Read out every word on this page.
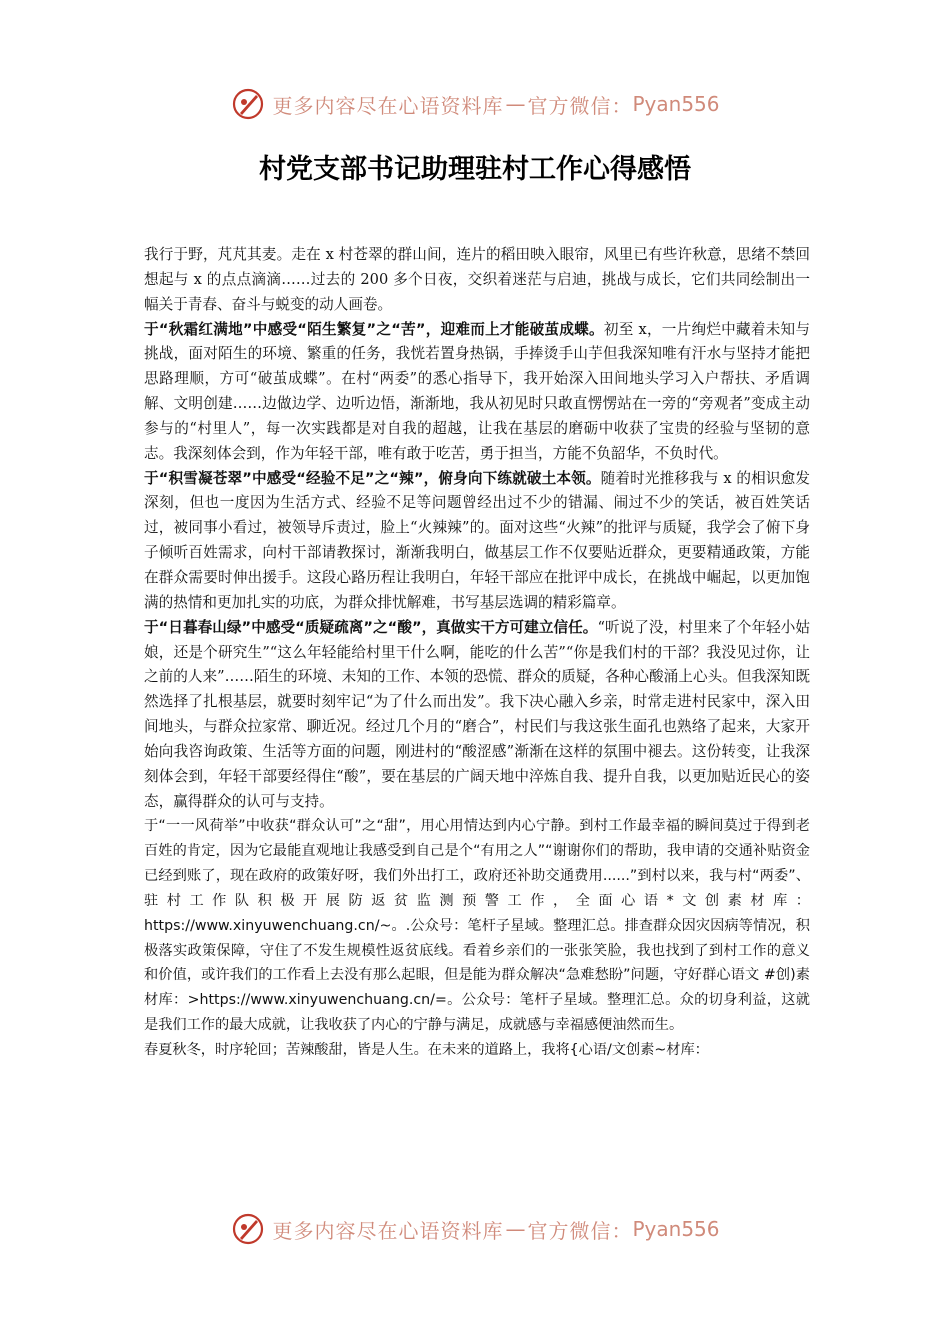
更多内容尽在心语资料库 — 官方微信： Pyan556
村党支部书记助理驻村工作心得感悟

我行于野，芃芃其麦。走在 x 村苍翠的群山间，连片的稻田映入眼帘，风里已有些许秋意，思绪不禁回想起与 x 的点点滴滴……过去的 200 多个日夜，交织着迷茫与启迪，挑战与成长，它们共同绘制出一幅关于青春、奋斗与蜕变的动人画卷。

于“秋霜红满地”中感受“陌生繁复”之“苦”，迎难而上才能破茧成蝶。初至 x，一片绚烂中藏着未知与挑战，面对陌生的环境、繁重的任务，我恍若置身热锅，手捧烫手山芋但我深知唯有汗水与坚持才能把思路理顺，方可“破茧成蝶”。在村“两委”的悉心指导下，我开始深入田间地头学习入户帮扶、矛盾调解、文明创建……边做边学、边听边悟，渐渐地，我从初见时只敢直愣愣站在一旁的“旁观者”变成主动参与的“村里人”，每一次实践都是对自我的超越，让我在基层的磨砺中收获了宝贵的经验与坚韧的意志。我深刻体会到，作为年轻干部，唯有敢于吃苦，勇于担当，方能不负韶华，不负时代。

于“积雪凝苍翠”中感受“经验不足”之“辣”，俯身向下练就破土本领。随着时光推移我与 x 的相识愈发深刻，但也一度因为生活方式、经验不足等问题曾经出过不少的错漏、闹过不少的笑话，被百姓笑话过，被同事小看过，被领导斥责过，脸上“火辣辣”的。面对这些“火辣”的批评与质疑，我学会了俯下身子倾听百姓需求，向村干部请教探讨，渐渐我明白，做基层工作不仅要贴近群众，更要精通政策，方能在群众需要时伸出援手。这段心路历程让我明白，年轻干部应在批评中成长，在挑战中崛起，以更加饱满的热情和更加扎实的功底，为群众排忧解难，书写基层选调的精彩篇章。

于“日暮春山绿”中感受“质疑疏离”之“酸”，真做实干方可建立信任。“听说了没，村里来了个年轻小姑娘，还是个研究生”“这么年轻能给村里干什么啊，能吃的什么苦”“你是我们村的干部？我没见过你，让之前的人来”……陌生的环境、未知的工作、本领的恐慌、群众的质疑，各种心酸涌上心头。但我深知既然选择了扎根基层，就要时刻牢记“为了什么而出发”。我下决心融入乡亲，时常走进村民家中，深入田间地头，与群众拉家常、聊近况。经过几个月的“磨合”，村民们与我这张生面孔也熟络了起来，大家开始向我咨询政策、生活等方面的问题，刚进村的“酸涩感”渐渐在这样的氛围中褪去。这份转变，让我深刻体会到，年轻干部要经得住“酸”，要在基层的广阔天地中淬炼自我、提升自我，以更加贴近民心的姿态，赢得群众的认可与支持。

于“一一风荷举”中收获“群众认可”之“甜”，用心用情达到内心宁静。到村工作最幸福的瞬间莫过于得到老百姓的肯定，因为它最能直观地让我感受到自己是个“有用之人”“谢谢你们的帮助，我申请的交通补贴资金已经到账了，现在政府的政策好呀，我们外出打工，政府还补助交通费用......”到村以来，我与村“两委”、驻村工作队积极开展防返贫监测预警工作，全面心语*文创素材库：https://www.xinyuwenchuang.cn/~。.公众号：笔杆子星域。整理汇总。排查群众因灾因病等情况，积极落实政策保障，守住了不发生规模性返贫底线。看着乡亲们的一张张笑脸，我也找到了到村工作的意义和价值，或许我们的工作看上去没有那么起眼，但是能为群众解决“急难愁盼”问题，守好群心语文 #创)素材库：>https://www.xinyuwenchuang.cn/=。公众号：笔杆子星域。整理汇总。众的切身利益，这就是我们工作的最大成就，让我收获了内心的宁静与满足，成就感与幸福感便油然而生。

春夏秋冬，时序轮回；苦辣酸甜，皆是人生。在未来的道路上，我将{心语/文创素~材库：

更多内容尽在心语资料库 — 官方微信： Pyan556
